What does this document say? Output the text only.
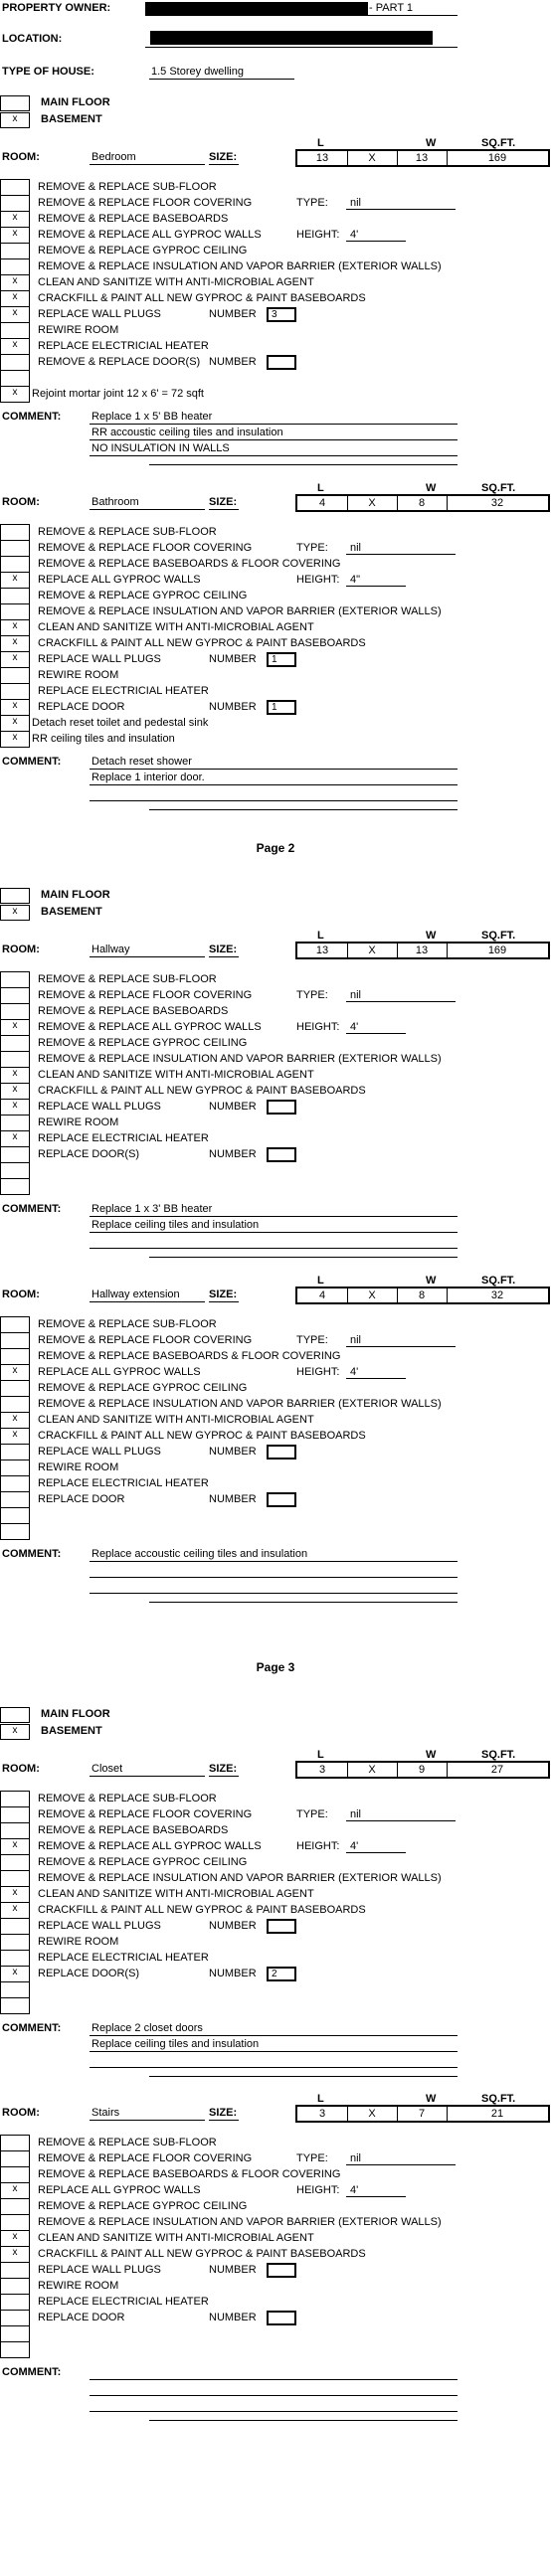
PROPERTY OWNER:	- PART 1
LOCATION:
TYPE OF HOUSE:	1.5 Storey dwelling
MAIN FLOOR
x	BASEMENT
MAIN FLOOR
x	BASEMENT
MAIN FLOOR
x	BASEMENT
Page 2
Page 3
L	W	SQ.FT.
ROOM:	Bedroom	SIZE:	13	X	13	169
REMOVE & REPLACE SUB-FLOOR
REMOVE & REPLACE FLOOR COVERING	TYPE: nil
x	REMOVE & REPLACE BASEBOARDS
x	REMOVE & REPLACE ALL GYPROC WALLS	HEIGHT: 4'
REMOVE & REPLACE GYPROC CEILING
REMOVE & REPLACE INSULATION AND VAPOR BARRIER (EXTERIOR WALLS)
x	CLEAN AND SANITIZE WITH ANTI-MICROBIAL AGENT
x	CRACKFILL & PAINT ALL NEW GYPROC & PAINT BASEBOARDS
x	REPLACE WALL PLUGS	NUMBER	3
REWIRE ROOM
x	REPLACE ELECTRICIAL HEATER
REMOVE & REPLACE DOOR(S) NUMBER
x	Rejoint mortar joint 12 x 6' = 72 sqft
COMMENT:	Replace 1 x 5' BB heater
RR accoustic ceiling tiles and insulation
NO INSULATION IN WALLS
L	W	SQ.FT.
ROOM:	Bathroom	SIZE:	4	X	8	32
REMOVE & REPLACE SUB-FLOOR
REMOVE & REPLACE FLOOR COVERING	TYPE: nil
REMOVE & REPLACE BASEBOARDS & FLOOR COVERING
x	REPLACE ALL GYPROC WALLS	HEIGHT: 4"
REMOVE & REPLACE GYPROC CEILING
REMOVE & REPLACE INSULATION AND VAPOR BARRIER (EXTERIOR WALLS)
x	CLEAN AND SANITIZE WITH ANTI-MICROBIAL AGENT
x	CRACKFILL & PAINT ALL NEW GYPROC & PAINT BASEBOARDS
x	REPLACE WALL PLUGS	NUMBER	1
REWIRE ROOM
REPLACE ELECTRICIAL HEATER
x	REPLACE DOOR	NUMBER	1
x	Detach reset toilet and pedestal sink
x	RR ceiling tiles and insulation
COMMENT:	Detach reset shower
Replace 1 interior door.
L	W	SQ.FT.
ROOM:	Hallway	SIZE:	13	X	13	169
REMOVE & REPLACE SUB-FLOOR
REMOVE & REPLACE FLOOR COVERING	TYPE: nil
REMOVE & REPLACE BASEBOARDS
x	REMOVE & REPLACE ALL GYPROC WALLS	HEIGHT: 4'
REMOVE & REPLACE GYPROC CEILING
REMOVE & REPLACE INSULATION AND VAPOR BARRIER (EXTERIOR WALLS)
x	CLEAN AND SANITIZE WITH ANTI-MICROBIAL AGENT
x	CRACKFILL & PAINT ALL NEW GYPROC & PAINT BASEBOARDS
x	REPLACE WALL PLUGS	NUMBER
REWIRE ROOM
x	REPLACE ELECTRICIAL HEATER
REPLACE DOOR(S)	NUMBER
COMMENT:	Replace 1 x 3' BB heater
Replace ceiling tiles and insulation
L	W	SQ.FT.
ROOM:	Hallway extension	SIZE:	4	X	8	32
REMOVE & REPLACE SUB-FLOOR
REMOVE & REPLACE FLOOR COVERING	TYPE: nil
REMOVE & REPLACE BASEBOARDS & FLOOR COVERING
x	REPLACE ALL GYPROC WALLS	HEIGHT: 4'
REMOVE & REPLACE GYPROC CEILING
REMOVE & REPLACE INSULATION AND VAPOR BARRIER (EXTERIOR WALLS)
x	CLEAN AND SANITIZE WITH ANTI-MICROBIAL AGENT
x	CRACKFILL & PAINT ALL NEW GYPROC & PAINT BASEBOARDS
REPLACE WALL PLUGS	NUMBER
REWIRE ROOM
REPLACE ELECTRICIAL HEATER
REPLACE DOOR	NUMBER
COMMENT:	Replace accoustic ceiling tiles and insulation
L	W	SQ.FT.
ROOM:	Closet	SIZE:	3	X	9	27
REMOVE & REPLACE SUB-FLOOR
REMOVE & REPLACE FLOOR COVERING	TYPE: nil
REMOVE & REPLACE BASEBOARDS
x	REMOVE & REPLACE ALL GYPROC WALLS	HEIGHT: 4'
REMOVE & REPLACE GYPROC CEILING
REMOVE & REPLACE INSULATION AND VAPOR BARRIER (EXTERIOR WALLS)
x	CLEAN AND SANITIZE WITH ANTI-MICROBIAL AGENT
x	CRACKFILL & PAINT ALL NEW GYPROC & PAINT BASEBOARDS
REPLACE WALL PLUGS	NUMBER
REWIRE ROOM
REPLACE ELECTRICIAL HEATER
x	REPLACE DOOR(S)	NUMBER	2
COMMENT:	Replace 2 closet doors
Replace ceiling tiles and insulation
L	W	SQ.FT.
ROOM:	Stairs	SIZE:	3	X	7	21
REMOVE & REPLACE SUB-FLOOR
REMOVE & REPLACE FLOOR COVERING	TYPE: nil
REMOVE & REPLACE BASEBOARDS & FLOOR COVERING
x	REPLACE ALL GYPROC WALLS	HEIGHT: 4'
REMOVE & REPLACE GYPROC CEILING
REMOVE & REPLACE INSULATION AND VAPOR BARRIER (EXTERIOR WALLS)
x	CLEAN AND SANITIZE WITH ANTI-MICROBIAL AGENT
x	CRACKFILL & PAINT ALL NEW GYPROC & PAINT BASEBOARDS
REPLACE WALL PLUGS	NUMBER
REWIRE ROOM
REPLACE ELECTRICIAL HEATER
REPLACE DOOR	NUMBER
COMMENT:
